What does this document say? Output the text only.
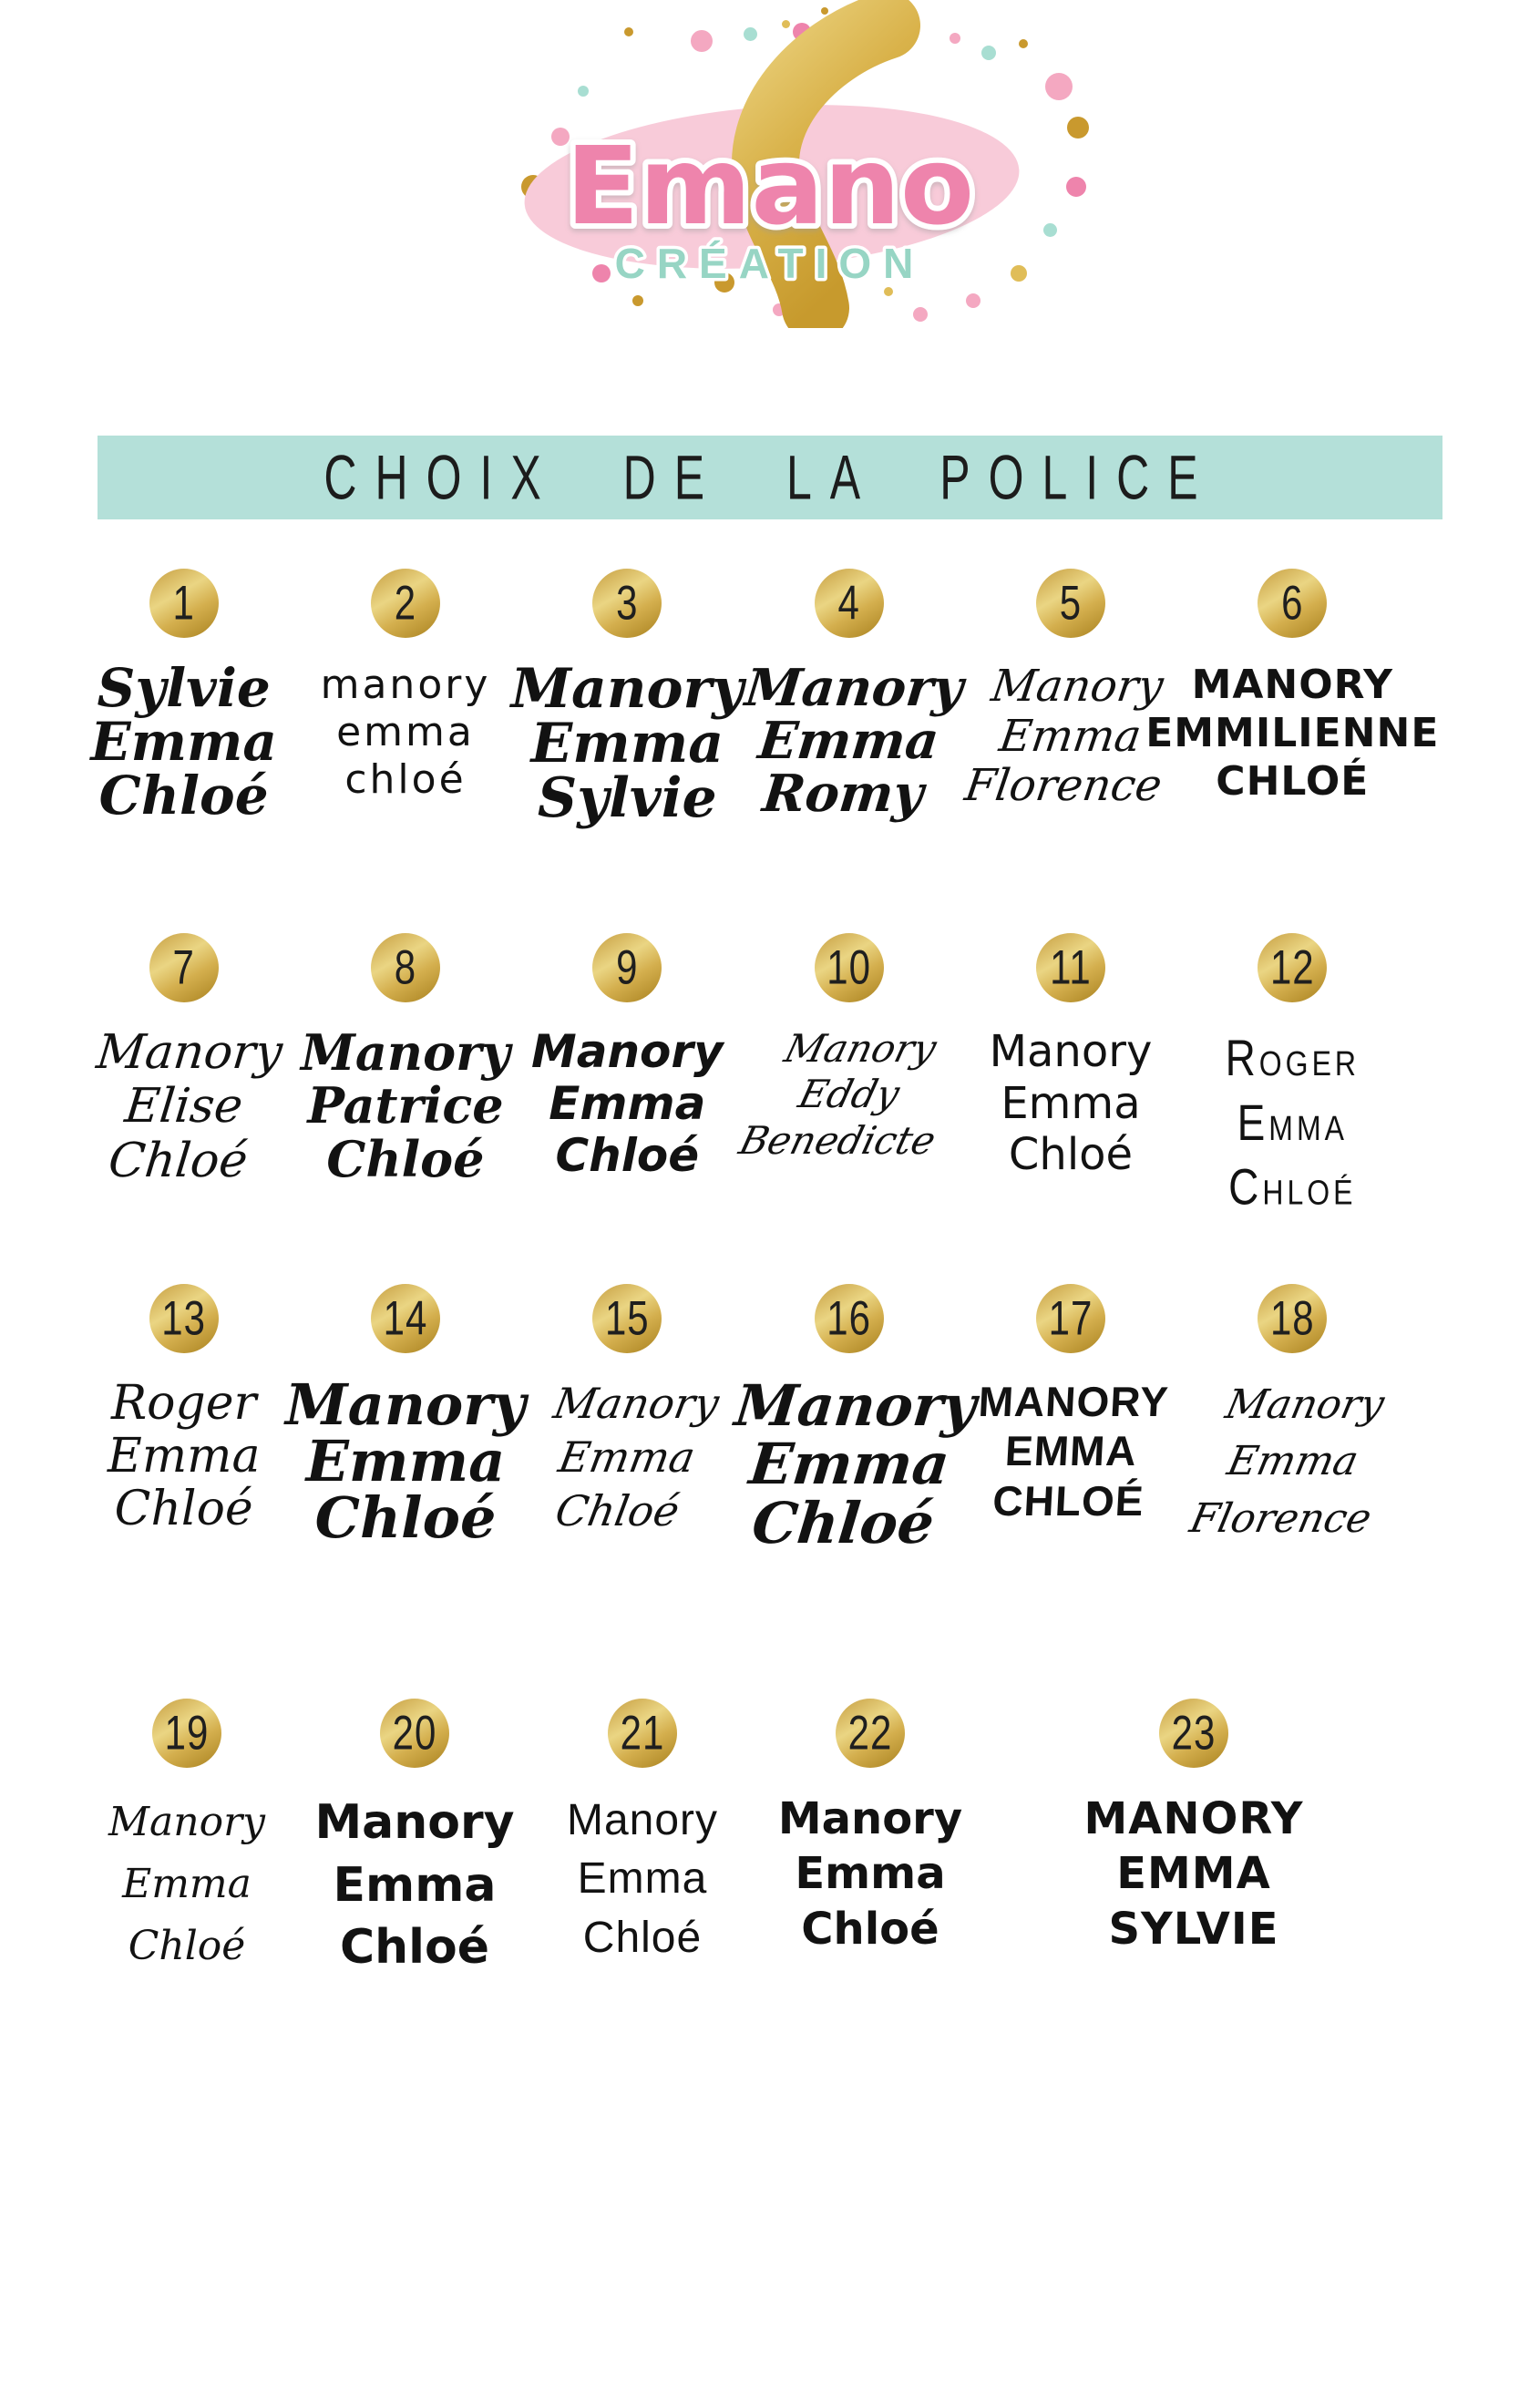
Emano
CRÉATION
CHOIX DE LA POLICE
1
Sylvie
Emma
Chloé
2
manory
emma
chloé
3
Manory
Emma
Sylvie
4
Manory
Emma
Romy
5
Manory
Emma
Florence
6
MANORY
EMMILIENNE
CHLOÉ
7
Manory
Elise
Chloé
8
Manory
Patrice
Chloé
9
Manory
Emma
Chloé
10
Manory
Eddy
Benedicte
11
Manory
Emma
Chloé
12
Roger
Emma
Chloé
13
Roger
Emma
Chloé
14
Manory
Emma
Chloé
15
Manory
Emma
Chloé
16
Manory
Emma
Chloé
17
MANORY
EMMA
CHLOÉ
18
Manory
Emma
Florence
19
Manory
Emma
Chloé
20
Manory
Emma
Chloé
21
Manory
Emma
Chloé
22
Manory
Emma
Chloé
23
MANORY
EMMA
SYLVIE
